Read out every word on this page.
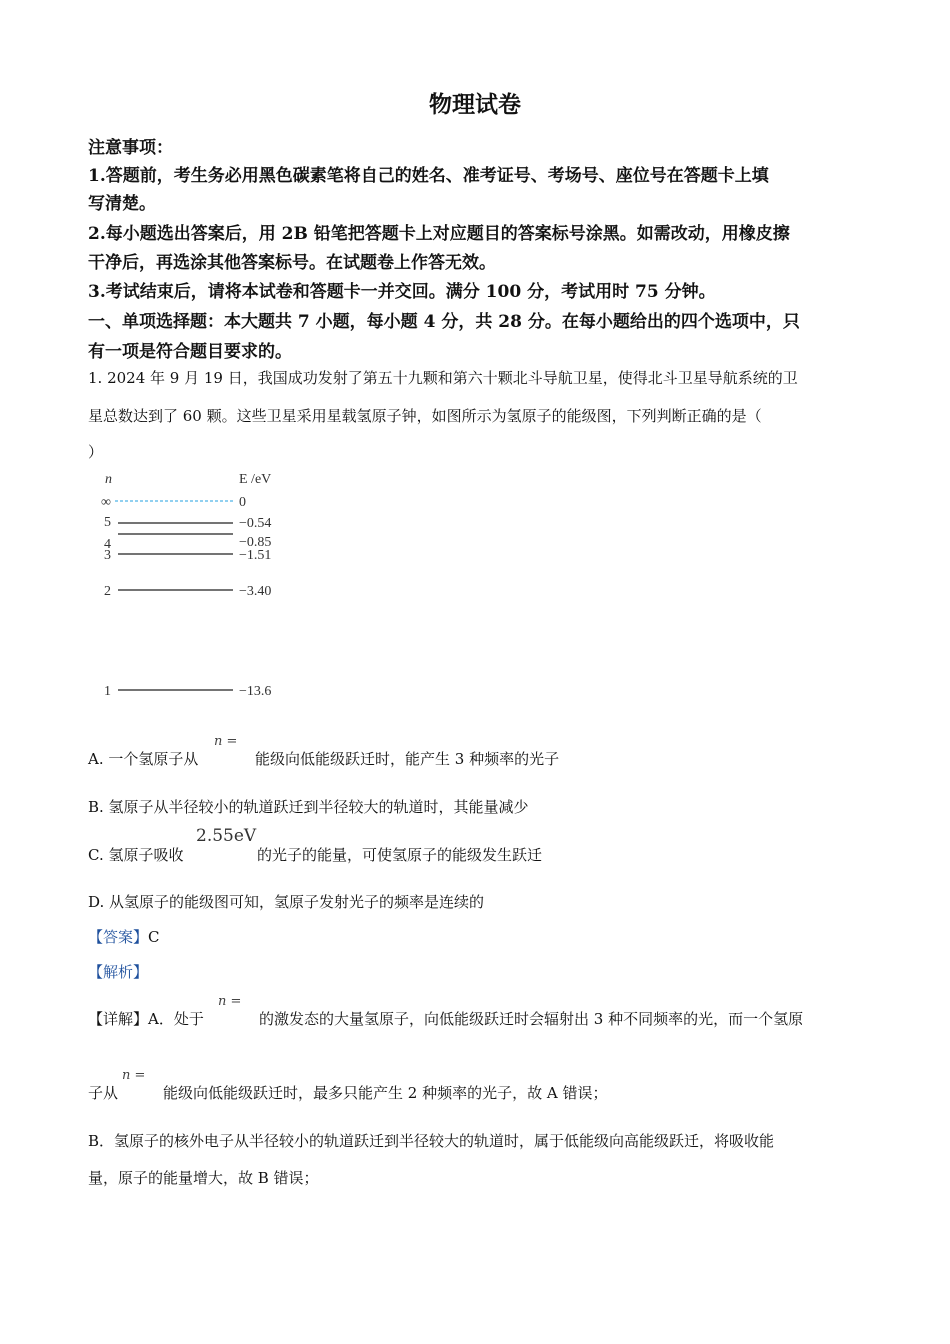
物理试卷
注意事项：
1.答题前，考生务必用黑色碳素笔将自己的姓名、准考证号、考场号、座位号在答题卡上填
写清楚。
2.每小题选出答案后，用 2B 铅笔把答题卡上对应题目的答案标号涂黑。如需改动，用橡皮擦
干净后，再选涂其他答案标号。在试题卷上作答无效。
3.考试结束后，请将本试卷和答题卡一并交回。满分 100 分，考试用时 75 分钟。
一、单项选择题：本大题共 7 小题，每小题 4 分，共 28 分。在每小题给出的四个选项中，只
有一项是符合题目要求的。
1. 2024 年 9 月 19 日，我国成功发射了第五十九颗和第六十颗北斗导航卫星，使得北斗卫星导航系统的卫
星总数达到了 60 颗。这些卫星采用星载氢原子钟，如图所示为氢原子的能级图，下列判断正确的是（
）
n	E /eV
∞	0
5	−0.54
4	−0.85
3	−1.51
2	−3.40
1	−13.6
A. 一个氢原子从
n =
能级向低能级跃迁时，能产生 3 种频率的光子
B. 氢原子从半径较小的轨道跃迁到半径较大的轨道时，其能量减少
C. 氢原子吸收
2.55eV
的光子的能量，可使氢原子的能级发生跃迁
D. 从氢原子的能级图可知，氢原子发射光子的频率是连续的
【答案】C
【解析】
【详解】A．处于
n =
的激发态的大量氢原子，向低能级跃迁时会辐射出 3 种不同频率的光，而一个氢原
子从
n =
能级向低能级跃迁时，最多只能产生 2 种频率的光子，故 A 错误；
B．氢原子的核外电子从半径较小的轨道跃迁到半径较大的轨道时，属于低能级向高能级跃迁，将吸收能
量，原子的能量增大，故 B 错误；
